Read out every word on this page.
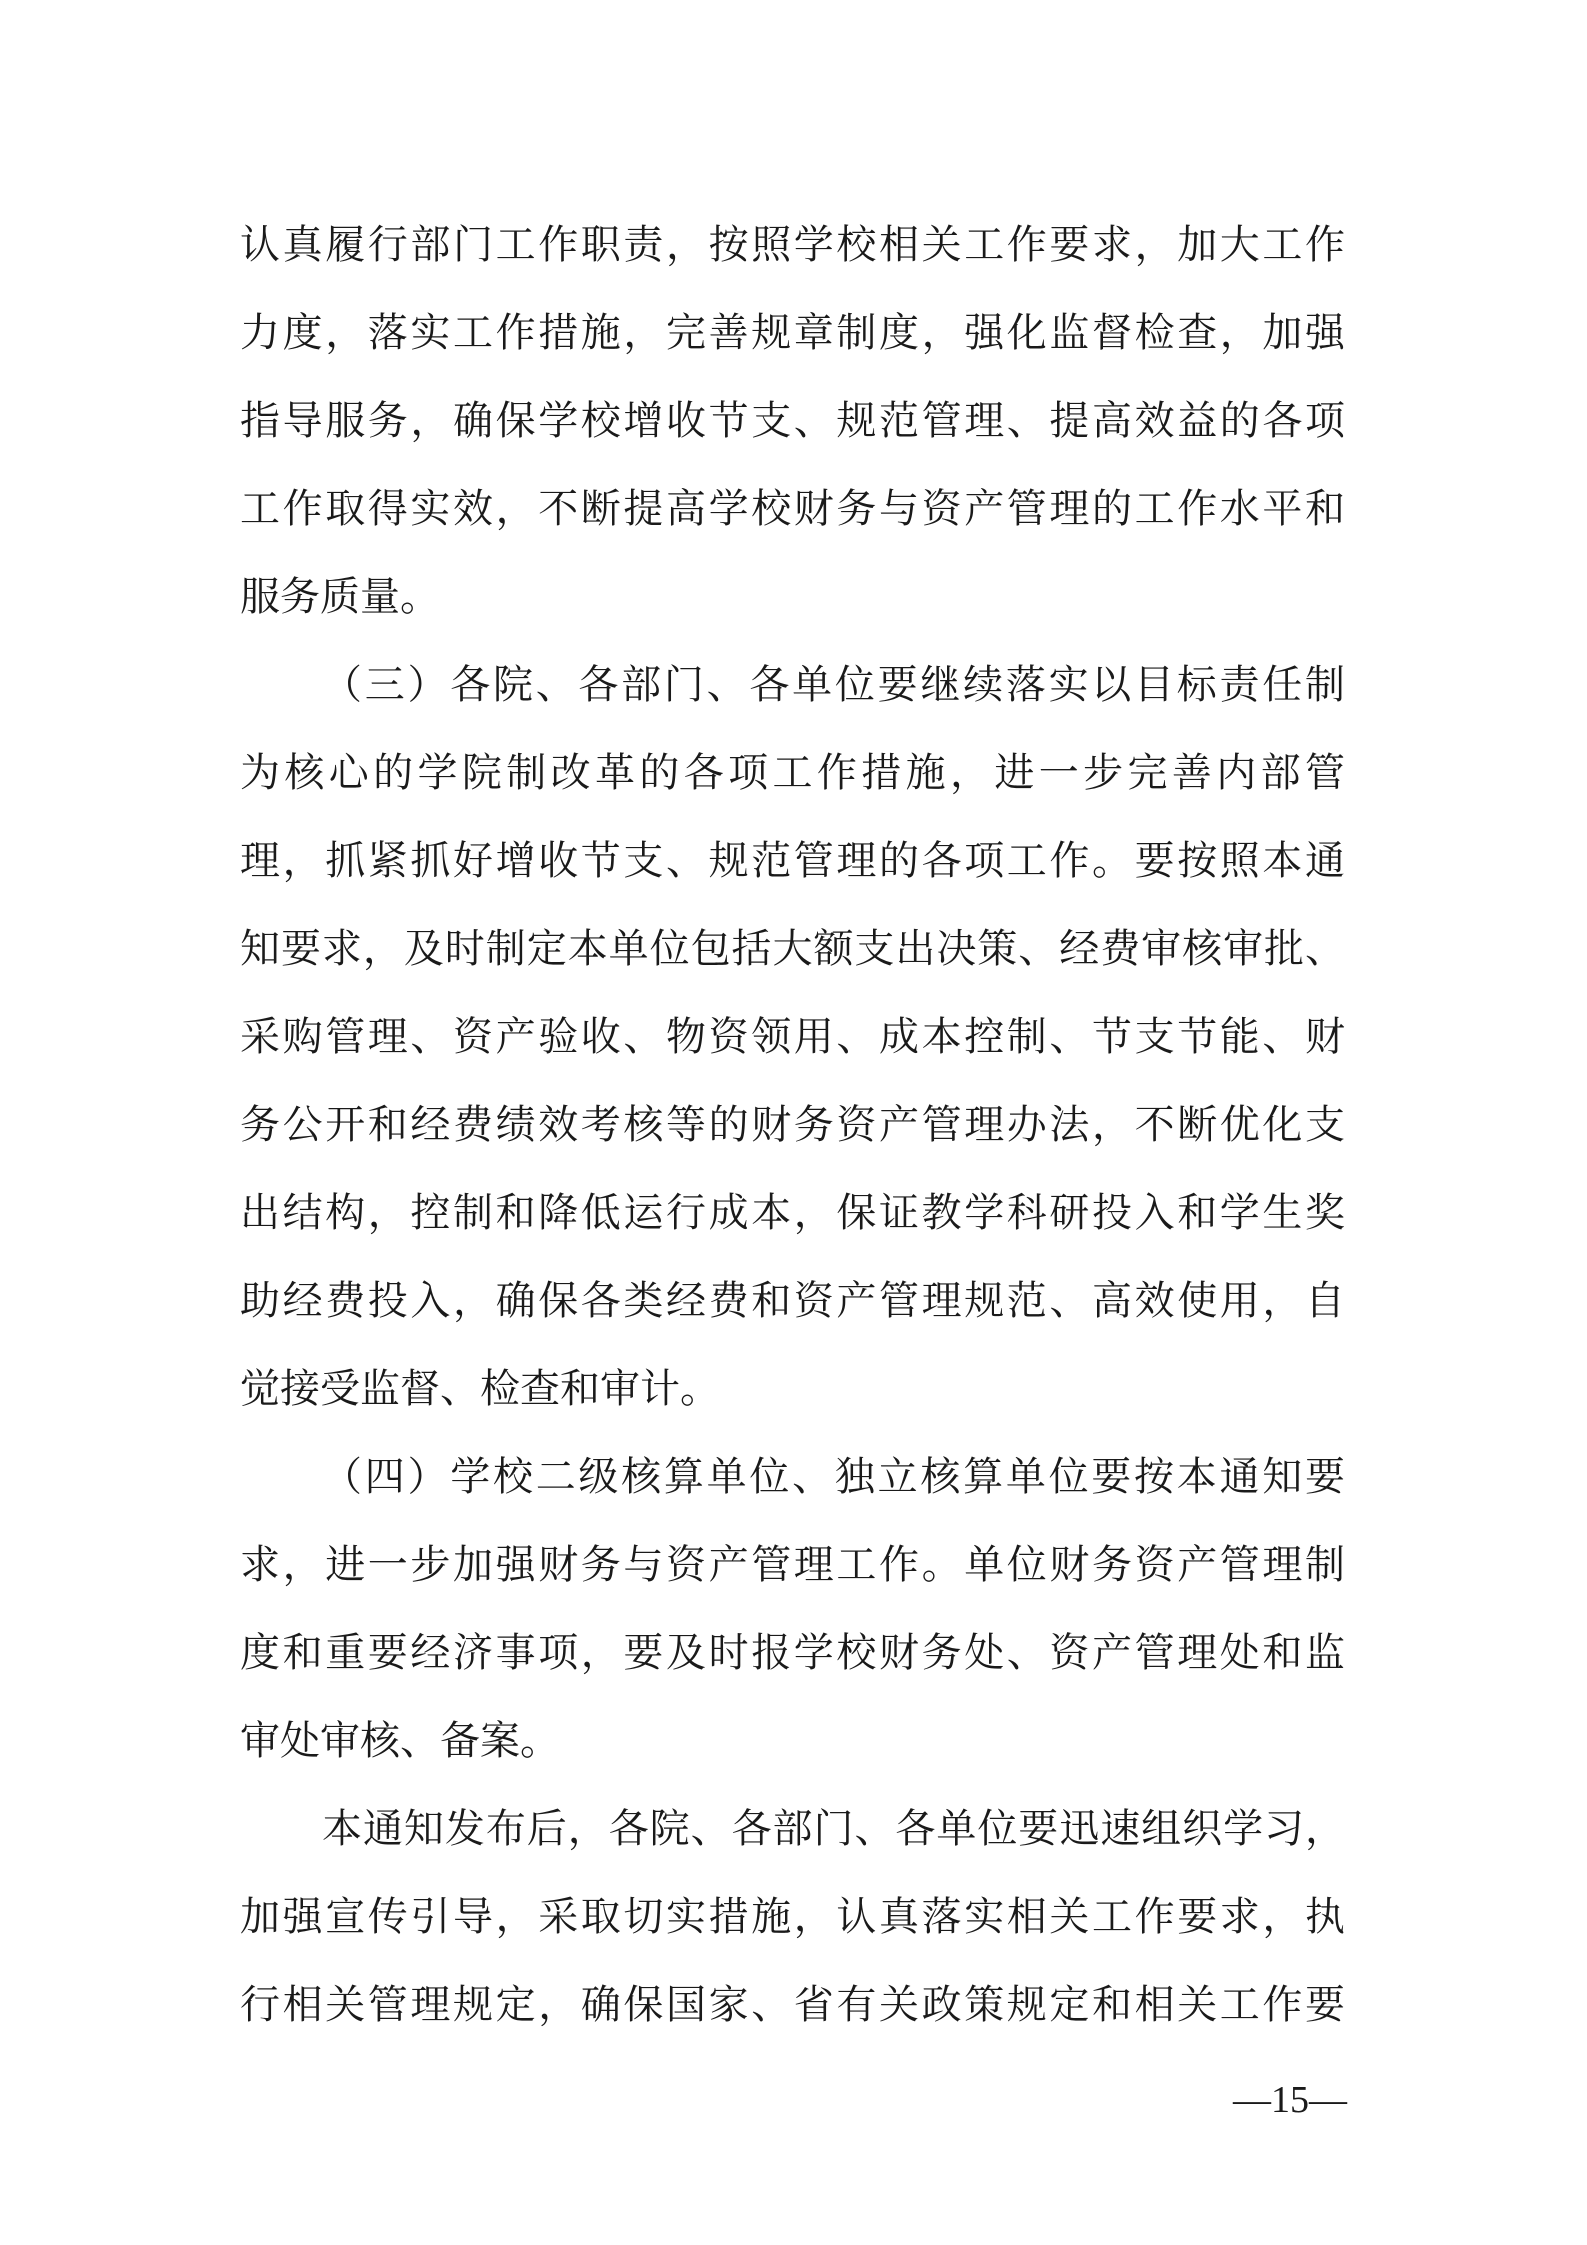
认真履行部门工作职责，按照学校相关工作要求，加大工作
力度，落实工作措施，完善规章制度，强化监督检查，加强
指导服务，确保学校增收节支、规范管理、提高效益的各项
工作取得实效，不断提高学校财务与资产管理的工作水平和
服务质量。
（三）各院、各部门、各单位要继续落实以目标责任制
为核心的学院制改革的各项工作措施，进一步完善内部管
理，抓紧抓好增收节支、规范管理的各项工作。要按照本通
知要求，及时制定本单位包括大额支出决策、经费审核审批、
采购管理、资产验收、物资领用、成本控制、节支节能、财
务公开和经费绩效考核等的财务资产管理办法，不断优化支
出结构，控制和降低运行成本，保证教学科研投入和学生奖
助经费投入，确保各类经费和资产管理规范、高效使用，自
觉接受监督、检查和审计。
（四）学校二级核算单位、独立核算单位要按本通知要
求，进一步加强财务与资产管理工作。单位财务资产管理制
度和重要经济事项，要及时报学校财务处、资产管理处和监
审处审核、备案。
本通知发布后，各院、各部门、各单位要迅速组织学习，
加强宣传引导，采取切实措施，认真落实相关工作要求，执
行相关管理规定，确保国家、省有关政策规定和相关工作要
—15—
